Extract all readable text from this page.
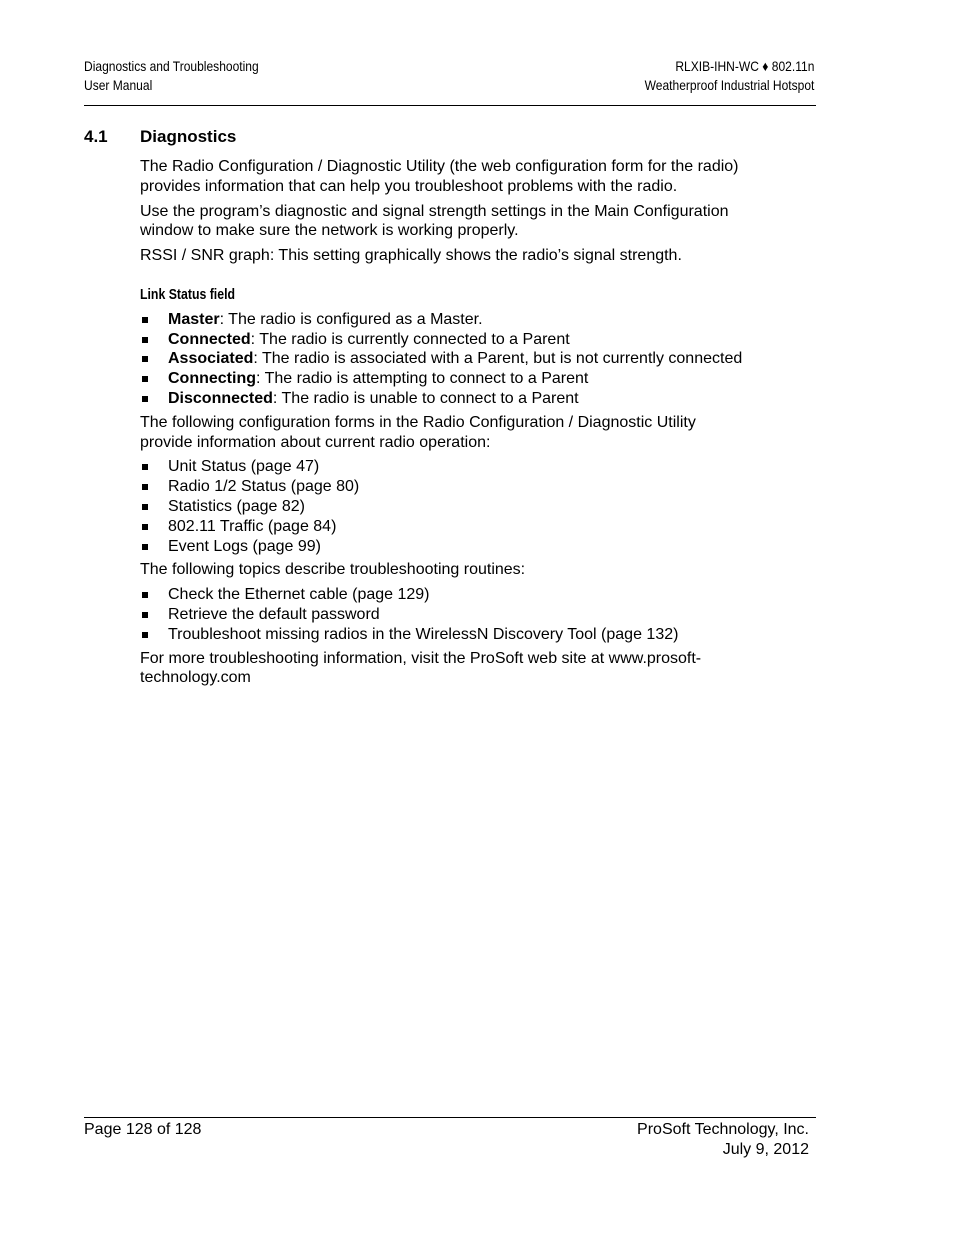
Diagnostics and Troubleshooting
User Manual
RLXIB-IHN-WC ♦ 802.11n
Weatherproof Industrial Hotspot
4.1 Diagnostics

The Radio Configuration / Diagnostic Utility (the web configuration form for the radio) provides information that can help you troubleshoot problems with the radio.

Use the program’s diagnostic and signal strength settings in the Main Configuration window to make sure the network is working properly.

RSSI / SNR graph: This setting graphically shows the radio’s signal strength.

Link Status field
Master: The radio is configured as a Master.
Connected: The radio is currently connected to a Parent
Associated: The radio is associated with a Parent, but is not currently connected
Connecting: The radio is attempting to connect to a Parent
Disconnected: The radio is unable to connect to a Parent

The following configuration forms in the Radio Configuration / Diagnostic Utility provide information about current radio operation:

Unit Status (page 47)
Radio 1/2 Status (page 80)
Statistics (page 82)
802.11 Traffic (page 84)
Event Logs (page 99)

The following topics describe troubleshooting routines:

Check the Ethernet cable (page 129)
Retrieve the default password
Troubleshoot missing radios in the WirelessN Discovery Tool (page 132)

For more troubleshooting information, visit the ProSoft web site at www.prosoft-technology.com

Page 128 of 128	ProSoft Technology, Inc.
July 9, 2012
